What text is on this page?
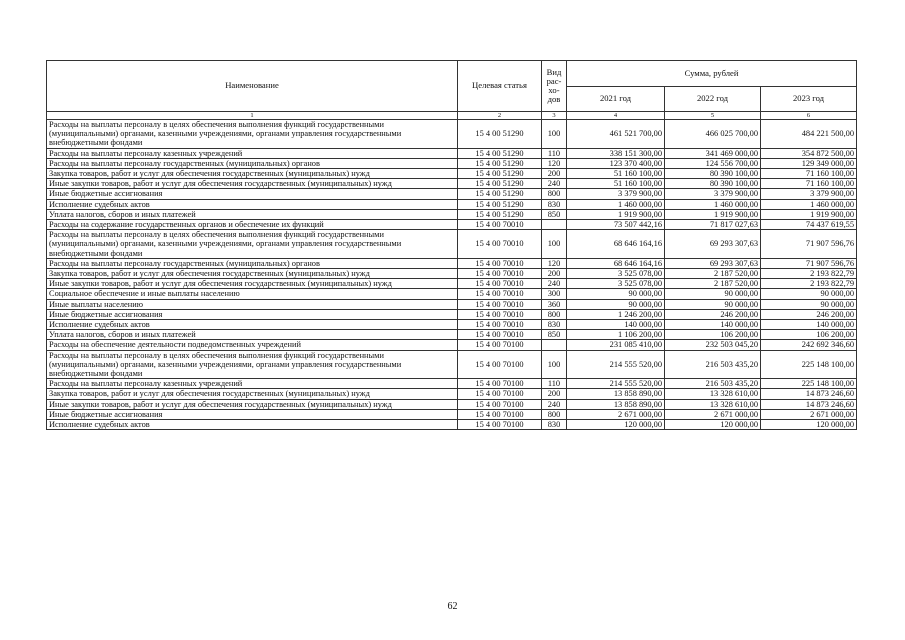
Наименование	Целевая статья	Вид рас-хо-дов	Сумма, рублей		
			2021 год	2022 год	2023 год
1	2	3	4	5	6
Расходы на выплаты персоналу в целях обеспечения выполнения функций государственными (муниципальными) органами, казенными учреждениями, органами управления государственными внебюджетными фондами	15 4 00 51290	100	461 521 700,00	466 025 700,00	484 221 500,00
Расходы на выплаты персоналу казенных учреждений	15 4 00 51290	110	338 151 300,00	341 469 000,00	354 872 500,00
Расходы на выплаты персоналу государственных (муниципальных) органов	15 4 00 51290	120	123 370 400,00	124 556 700,00	129 349 000,00
Закупка товаров, работ и услуг для обеспечения государственных (муниципальных) нужд	15 4 00 51290	200	51 160 100,00	80 390 100,00	71 160 100,00
Иные закупки товаров, работ и услуг для обеспечения государственных (муниципальных) нужд	15 4 00 51290	240	51 160 100,00	80 390 100,00	71 160 100,00
Иные бюджетные ассигнования	15 4 00 51290	800	3 379 900,00	3 379 900,00	3 379 900,00
Исполнение судебных актов	15 4 00 51290	830	1 460 000,00	1 460 000,00	1 460 000,00
Уплата налогов, сборов и иных платежей	15 4 00 51290	850	1 919 900,00	1 919 900,00	1 919 900,00
Расходы на содержание государственных органов и обеспечение их функций	15 4 00 70010		73 507 442,16	71 817 027,63	74 437 619,55
Расходы на выплаты персоналу в целях обеспечения выполнения функций государственными (муниципальными) органами, казенными учреждениями, органами управления государственными внебюджетными фондами	15 4 00 70010	100	68 646 164,16	69 293 307,63	71 907 596,76
Расходы на выплаты персоналу государственных (муниципальных) органов	15 4 00 70010	120	68 646 164,16	69 293 307,63	71 907 596,76
Закупка товаров, работ и услуг для обеспечения государственных (муниципальных) нужд	15 4 00 70010	200	3 525 078,00	2 187 520,00	2 193 822,79
Иные закупки товаров, работ и услуг для обеспечения государственных (муниципальных) нужд	15 4 00 70010	240	3 525 078,00	2 187 520,00	2 193 822,79
Социальное обеспечение и иные выплаты населению	15 4 00 70010	300	90 000,00	90 000,00	90 000,00
Иные выплаты населению	15 4 00 70010	360	90 000,00	90 000,00	90 000,00
Иные бюджетные ассигнования	15 4 00 70010	800	1 246 200,00	246 200,00	246 200,00
Исполнение судебных актов	15 4 00 70010	830	140 000,00	140 000,00	140 000,00
Уплата налогов, сборов и иных платежей	15 4 00 70010	850	1 106 200,00	106 200,00	106 200,00
Расходы на обеспечение деятельности подведомственных учреждений	15 4 00 70100		231 085 410,00	232 503 045,20	242 692 346,60
Расходы на выплаты персоналу в целях обеспечения выполнения функций государственными (муниципальными) органами, казенными учреждениями, органами управления государственными внебюджетными фондами	15 4 00 70100	100	214 555 520,00	216 503 435,20	225 148 100,00
Расходы на выплаты персоналу казенных учреждений	15 4 00 70100	110	214 555 520,00	216 503 435,20	225 148 100,00
Закупка товаров, работ и услуг для обеспечения государственных (муниципальных) нужд	15 4 00 70100	200	13 858 890,00	13 328 610,00	14 873 246,60
Иные закупки товаров, работ и услуг для обеспечения государственных (муниципальных) нужд	15 4 00 70100	240	13 858 890,00	13 328 610,00	14 873 246,60
Иные бюджетные ассигнования	15 4 00 70100	800	2 671 000,00	2 671 000,00	2 671 000,00
Исполнение судебных актов	15 4 00 70100	830	120 000,00	120 000,00	120 000,00
62
